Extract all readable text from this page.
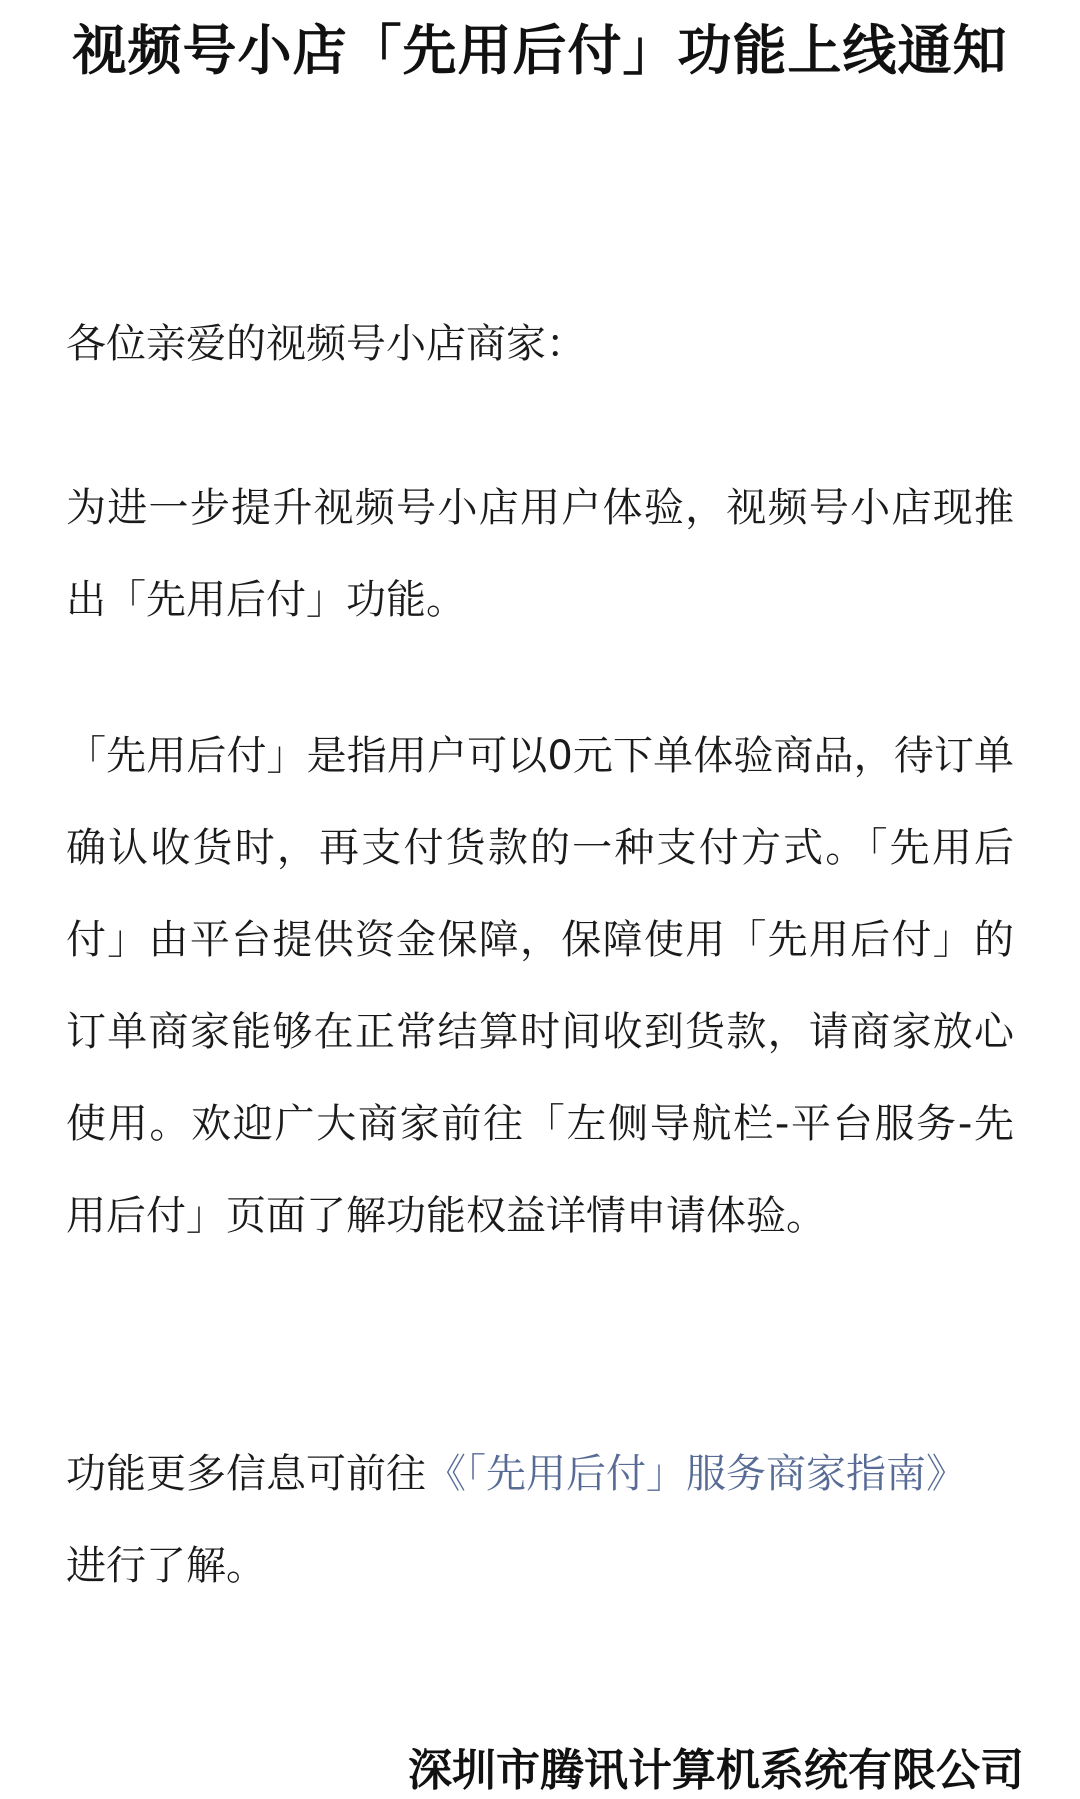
视频号小店「先用后付」功能上线通知

各位亲爱的视频号小店商家：

为进一步提升视频号小店用户体验，视频号小店现推出「先用后付」功能。

「先用后付」是指用户可以0元下单体验商品，待订单确认收货时，再支付货款的一种支付方式。「先用后付」由平台提供资金保障，保障使用「先用后付」的订单商家能够在正常结算时间收到货款，请商家放心使用。欢迎广大商家前往「左侧导航栏-平台服务-先用后付」页面了解功能权益详情申请体验。

功能更多信息可前往《「先用后付」服务商家指南》
进行了解。

深圳市腾讯计算机系统有限公司
